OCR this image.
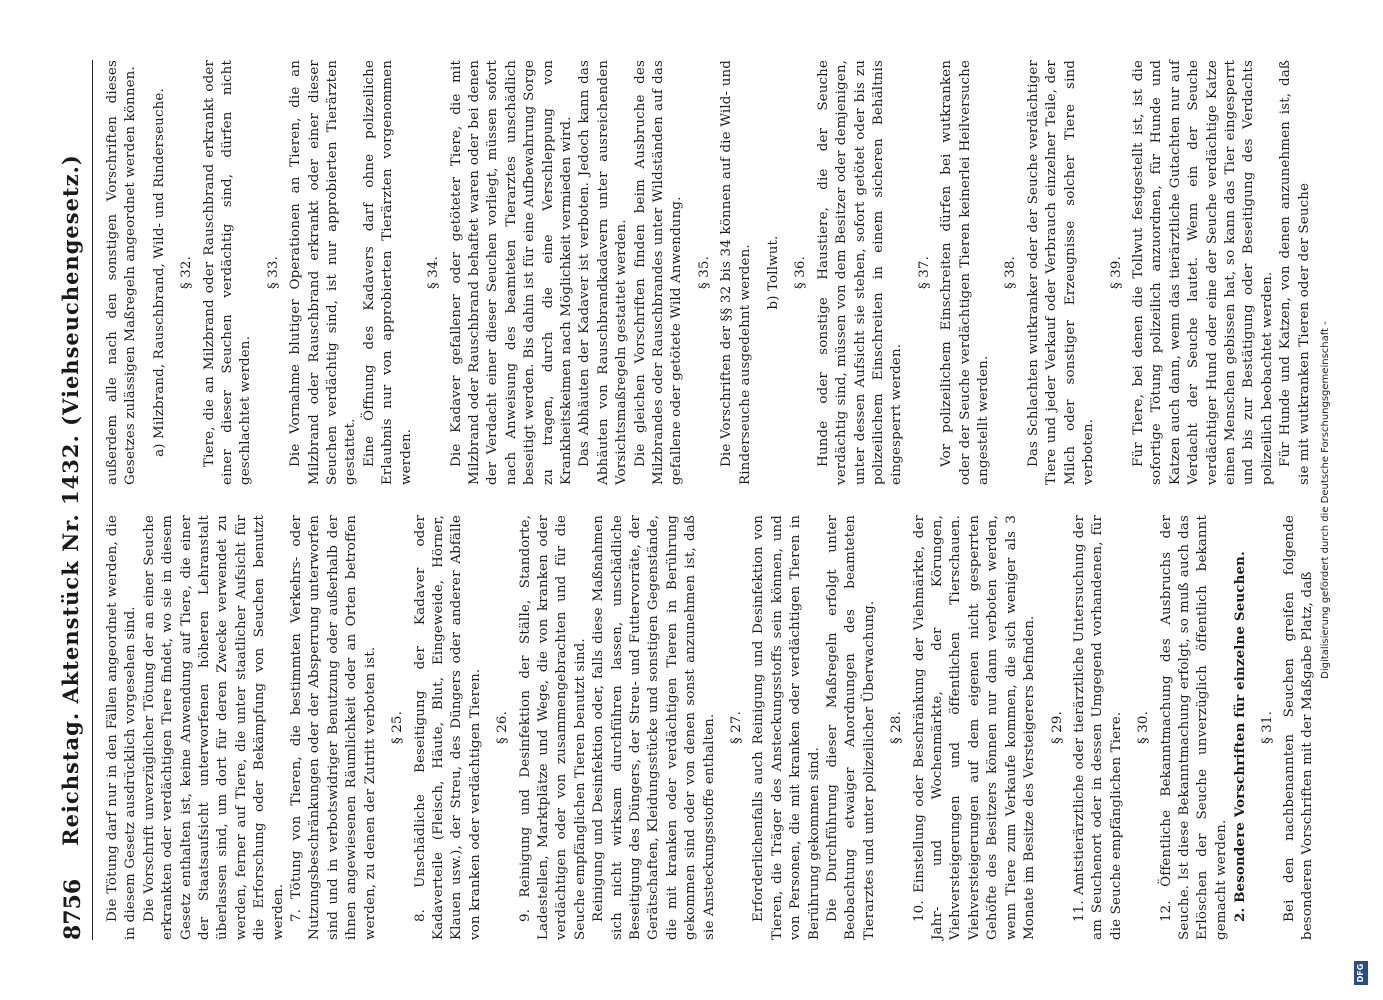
8756
Reichstag. Aktenstück Nr. 1432. (Viehseuchengesetz.) Die Tötung darf nur in den Fällen angeordnet werden, die in diesem Gesetz ausdrücklich vorgesehen sind. Die Vorschrift unverzüglicher Tötung der an einer Seuche erkrankten oder verdächtigen Tiere findet, wo sie in diesem Gesetz enthalten ist, keine Anwendung auf Tiere, die einer der Staatsaufsicht unterworfenen höheren Lehranstalt überlassen sind, um dort für deren Zwecke verwendet zu werden, ferner auf Tiere, die unter staatlicher Aufsicht für die Erforschung oder Bekämpfung von Seuchen benutzt werden. 7. Tötung von Tieren, die bestimmten Verkehrs- oder Nutzungsbeschränkungen oder der Absperrung unterworfen sind und in verbotswidriger Benutzung oder außerhalb der ihnen angewiesenen Räumlichkeit oder an Orten betroffen werden, zu denen der Zutritt verboten ist. § 25. 8. Unschädliche Beseitigung der Kadaver oder Kadaverteile (Fleisch, Häute, Blut, Eingeweide, Hörner, Klauen usw.), der Streu, des Düngers oder anderer Abfälle von kranken oder verdächtigen Tieren. § 26. 9. Reinigung und Desinfektion der Ställe, Standorte, Ladestellen, Marktplätze und Wege, die von kranken oder verdächtigen oder von zusammengebrachten und für die Seuche empfänglichen Tieren benutzt sind. Reinigung und Desinfektion oder, falls diese Maßnahmen sich nicht wirksam durchführen lassen, unschädliche Beseitigung des Düngers, der Streu- und Futtervorräte, der Gerätschaften, Kleidungsstücke und sonstigen Gegenstände, die mit kranken oder verdächtigen Tieren in Berührung gekommen sind oder von denen sonst anzunehmen ist, daß sie Ansteckungsstoffe enthalten. § 27. Erforderlichenfalls auch Reinigung und Desinfektion von Tieren, die Träger des Ansteckungsstoffs sein können, und von Personen, die mit kranken oder verdächtigen Tieren in Berührung gekommen sind. Die Durchführung dieser Maßregeln erfolgt unter Beobachtung etwaiger Anordnungen des beamteten Tierarztes und unter polizeilicher Überwachung. § 28. 10. Einstellung oder Beschränkung der Viehmärkte, der Jahr- und Wochenmärkte, der Körungen, Viehversteigerungen und öffentlichen Tierschauen. Viehversteigerungen auf dem eigenen nicht gesperrten Gehöfte des Besitzers können nur dann verboten werden, wenn Tiere zum Verkaufe kommen, die sich weniger als 3 Monate im Besitze des Versteigerers befinden. § 29. 11. Amtstierärztliche oder tierärztliche Untersuchung der am Seuchenort oder in dessen Umgegend vorhandenen, für die Seuche empfänglichen Tiere. § 30. 12. Öffentliche Bekanntmachung des Ausbruchs der Seuche. Ist diese Bekanntmachung erfolgt, so muß auch das Erlöschen der Seuche unverzüglich öffentlich bekannt gemacht werden. 2. Besondere Vorschriften für einzelne Seuchen. § 31. Bei den nachbenannten Seuchen greifen folgende besonderen Vorschriften mit der Maßgabe Platz, daß

außerdem alle nach den sonstigen Vorschriften dieses Gesetzes zulässigen Maßregeln angeordnet werden können. a) Milzbrand, Rauschbrand, Wild- und Rinderseuche. § 32. Tiere, die an Milzbrand oder Rauschbrand erkrankt oder einer dieser Seuchen verdächtig sind, dürfen nicht geschlachtet werden.

§ 33. Die Vornahme blutiger Operationen an Tieren, die an Milzbrand oder Rauschbrand erkrankt oder einer dieser Seuchen verdächtig sind, ist nur approbierten Tierärzten gestattet. Eine Öffnung des Kadavers darf ohne polizeiliche Erlaubnis nur von approbierten Tierärzten vorgenommen werden.

§ 34. Die Kadaver gefallener oder getöteter Tiere, die mit Milzbrand oder Rauschbrand behaftet waren oder bei denen der Verdacht einer dieser Seuchen vorliegt, müssen sofort nach Anweisung des beamteten Tierarztes unschädlich beseitigt werden. Bis dahin ist für eine Aufbewahrung Sorge zu tragen, durch die eine Verschleppung von Krankheitskeimen nach Möglichkeit vermieden wird. Das Abhäuten der Kadaver ist verboten. Jedoch kann das Abhäuten von Rauschbrandkadavern unter ausreichenden Vorsichtsmaßregeln gestattet werden. Die gleichen Vorschriften finden beim Ausbruche des Milzbrandes oder Rauschbrandes unter Wildständen auf das gefallene oder getötete Wild Anwendung. § 35. Die Vorschriften der §§ 32 bis 34 können auf die Wild- und Rinderseuche ausgedehnt werden. b) Tollwut. § 36. Hunde oder sonstige Haustiere, die der Seuche verdächtig sind, müssen von dem Besitzer oder demjenigen, unter dessen Aufsicht sie stehen, sofort getötet oder bis zu polizeilichem Einschreiten in einem sicheren Behältnis eingesperrt werden.

§ 37. Vor polizeilichem Einschreiten dürfen bei wutkranken oder der Seuche verdächtigen Tieren keinerlei Heilversuche angestellt werden.

§ 38. Das Schlachten wutkranker oder der Seuche verdächtiger Tiere und jeder Verkauf oder Verbrauch einzelner Teile, der Milch oder sonstiger Erzeugnisse solcher Tiere sind verboten.

§ 39. Für Tiere, bei denen die Tollwut festgestellt ist, ist die sofortige Tötung polizeilich anzuordnen, für Hunde und Katzen auch dann, wenn das tierärztliche Gutachten nur auf Verdacht der Seuche lautet. Wenn ein der Seuche verdächtiger Hund oder eine der Seuche verdächtige Katze einen Menschen gebissen hat, so kann das Tier eingesperrt und bis zur Bestätigung oder Beseitigung des Verdachts polizeilich beobachtet werden. Für Hunde und Katzen, von denen anzunehmen ist, daß sie mit wutkranken Tieren oder der Seuche Digitalisierung gefördert durch die Deutsche Forschungsgemeinschaft -
DFG
